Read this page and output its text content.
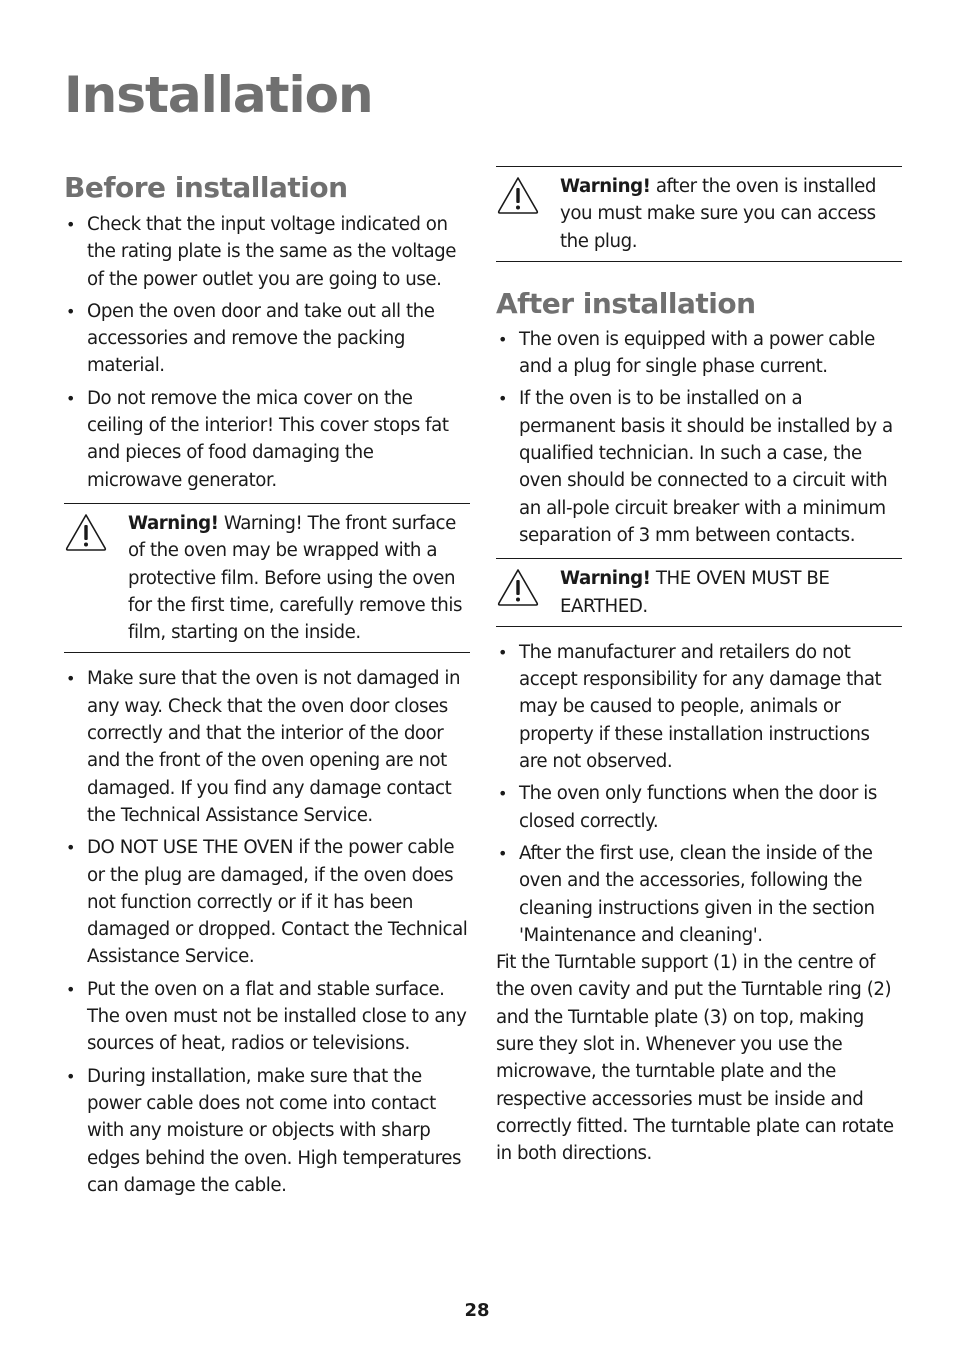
Installation
Before installation
• Check that the input voltage indicated on the rating plate is the same as the voltage of the power outlet you are going to use.
• Open the oven door and take out all the accessories and remove the packing material.
• Do not remove the mica cover on the ceiling of the interior! This cover stops fat and pieces of food damaging the microwave generator.

Warning! Warning! The front surface of the oven may be wrapped with a protective film. Before using the oven for the first time, carefully remove this film, starting on the inside.

• Make sure that the oven is not damaged in any way. Check that the oven door closes correctly and that the interior of the door and the front of the oven opening are not damaged. If you find any damage contact the Technical Assistance Service.
• DO NOT USE THE OVEN if the power cable or the plug are damaged, if the oven does not function correctly or if it has been damaged or dropped. Contact the Technical Assistance Service.
• Put the oven on a flat and stable surface. The oven must not be installed close to any sources of heat, radios or televisions.
• During installation, make sure that the power cable does not come into contact with any moisture or objects with sharp edges behind the oven. High temperatures can damage the cable.

Warning! after the oven is installed you must make sure you can access the plug.

After installation
• The oven is equipped with a power cable and a plug for single phase current.
• If the oven is to be installed on a permanent basis it should be installed by a qualified technician. In such a case, the oven should be connected to a circuit with an all-pole circuit breaker with a minimum separation of 3 mm between contacts.

Warning! THE OVEN MUST BE EARTHED.

• The manufacturer and retailers do not accept responsibility for any damage that may be caused to people, animals or property if these installation instructions are not observed.
• The oven only functions when the door is closed correctly.
• After the first use, clean the inside of the oven and the accessories, following the cleaning instructions given in the section 'Maintenance and cleaning'.

Fit the Turntable support (1) in the centre of the oven cavity and put the Turntable ring (2) and the Turntable plate (3) on top, making sure they slot in. Whenever you use the microwave, the turntable plate and the respective accessories must be inside and correctly fitted. The turntable plate can rotate in both directions.

28
